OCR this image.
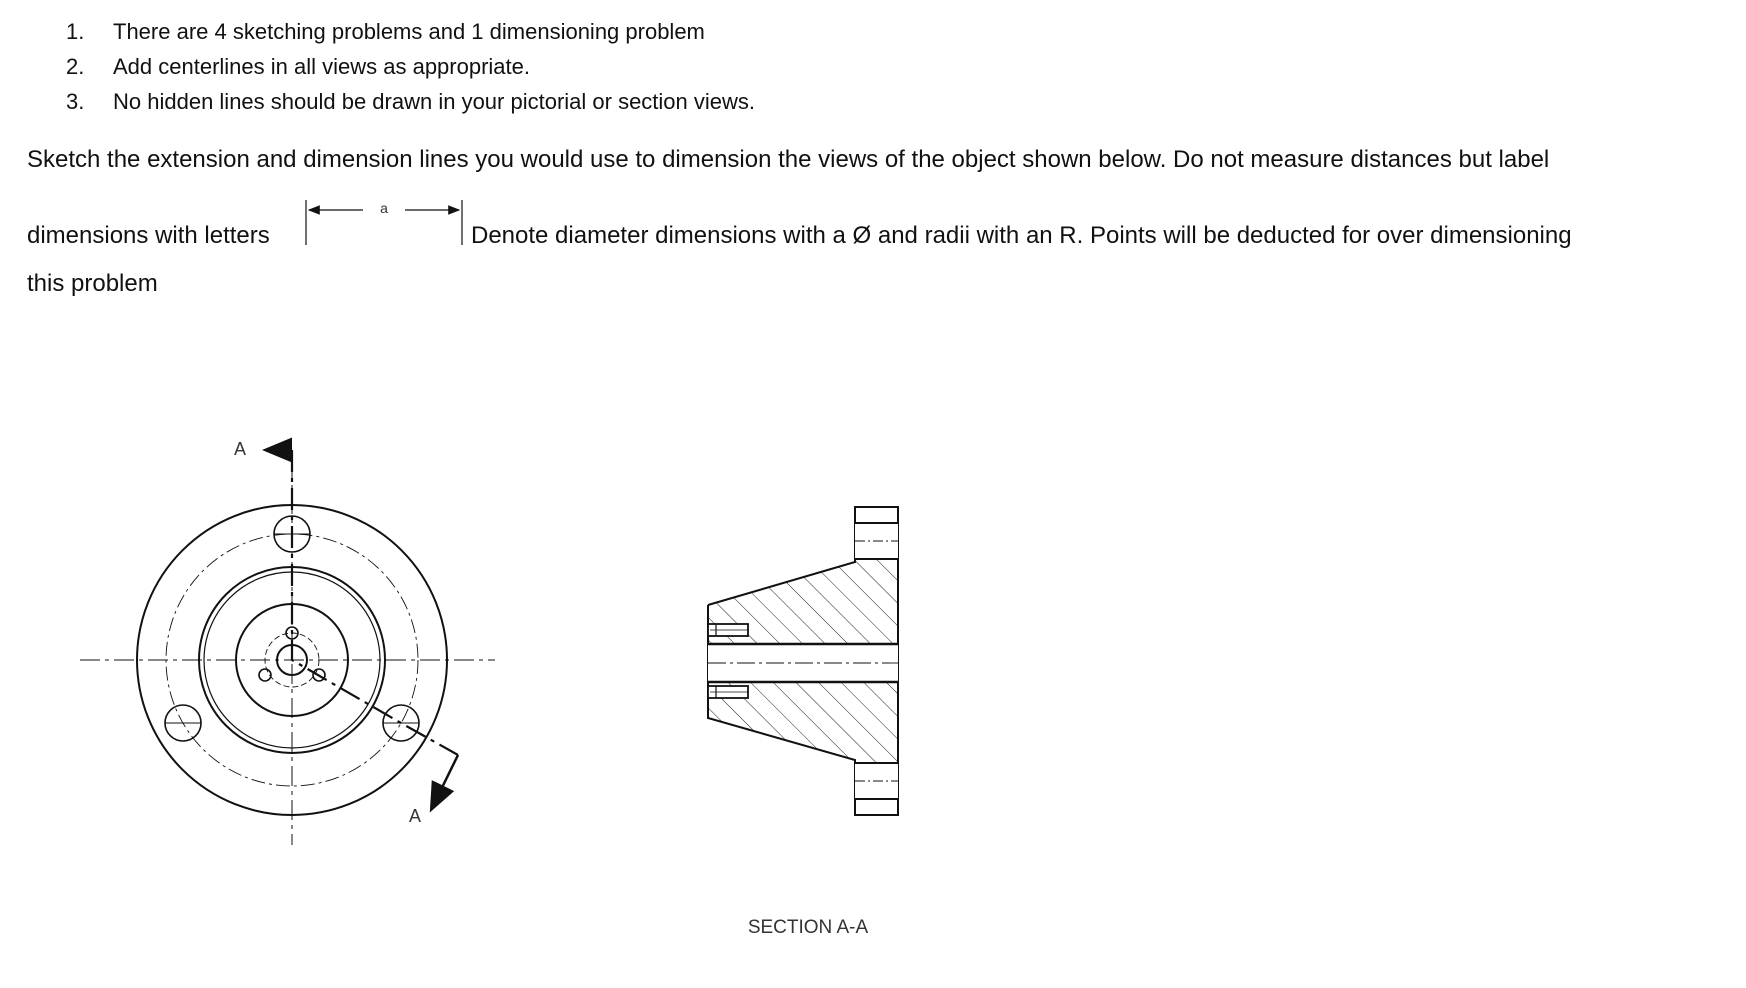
1.	There are 4 sketching problems and 1 dimensioning problem
2.	Add centerlines in all views as appropriate.
3.	No hidden lines should be drawn in your pictorial or section views.
Sketch the extension and dimension lines you would use to dimension the views of the object shown below. Do not measure distances but label
dimensions with letters	Denote diameter dimensions with a Ø and radii with an R. Points will be deducted for over dimensioning
this problem
a
A
A
SECTION A-A
